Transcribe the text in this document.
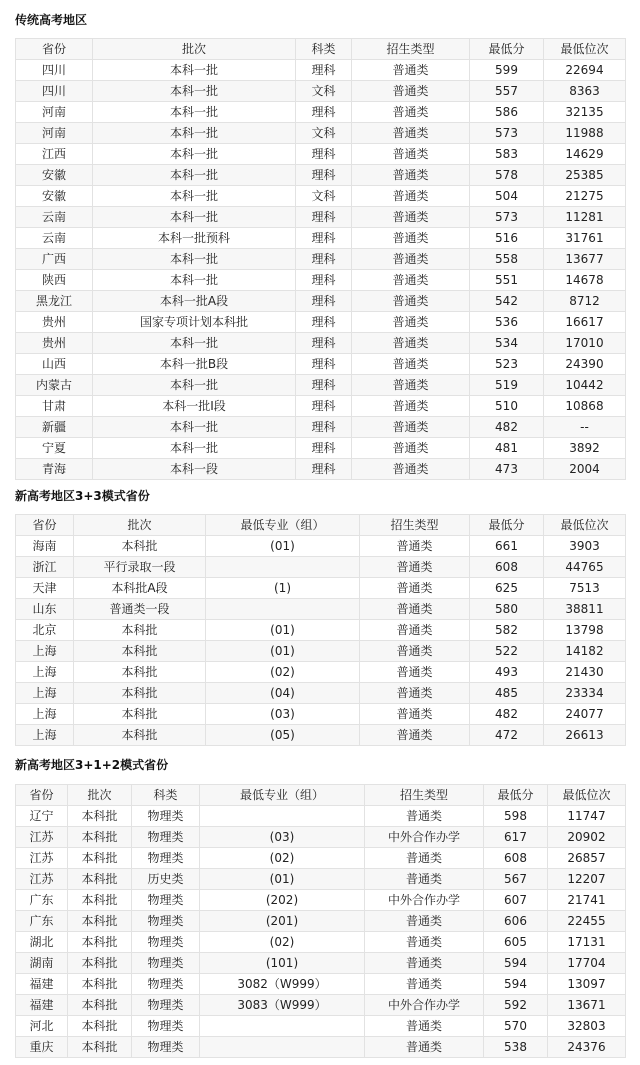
传统高考地区
省份	批次	科类	招生类型	最低分	最低位次
四川	本科一批	理科	普通类	599	22694
四川	本科一批	文科	普通类	557	8363
河南	本科一批	理科	普通类	586	32135
河南	本科一批	文科	普通类	573	11988
江西	本科一批	理科	普通类	583	14629
安徽	本科一批	理科	普通类	578	25385
安徽	本科一批	文科	普通类	504	21275
云南	本科一批	理科	普通类	573	11281
云南	本科一批预科	理科	普通类	516	31761
广西	本科一批	理科	普通类	558	13677
陕西	本科一批	理科	普通类	551	14678
黑龙江	本科一批A段	理科	普通类	542	8712
贵州	国家专项计划本科批	理科	普通类	536	16617
贵州	本科一批	理科	普通类	534	17010
山西	本科一批B段	理科	普通类	523	24390
内蒙古	本科一批	理科	普通类	519	10442
甘肃	本科一批I段	理科	普通类	510	10868
新疆	本科一批	理科	普通类	482	--
宁夏	本科一批	理科	普通类	481	3892
青海	本科一段	理科	普通类	473	2004
新高考地区3+3模式省份
省份	批次	最低专业（组）	招生类型	最低分	最低位次
海南	本科批	(01)	普通类	661	3903
浙江	平行录取一段		普通类	608	44765
天津	本科批A段	(1)	普通类	625	7513
山东	普通类一段		普通类	580	38811
北京	本科批	(01)	普通类	582	13798
上海	本科批	(01)	普通类	522	14182
上海	本科批	(02)	普通类	493	21430
上海	本科批	(04)	普通类	485	23334
上海	本科批	(03)	普通类	482	24077
上海	本科批	(05)	普通类	472	26613
新高考地区3+1+2模式省份
省份	批次	科类	最低专业（组）	招生类型	最低分	最低位次
辽宁	本科批	物理类		普通类	598	11747
江苏	本科批	物理类	(03)	中外合作办学	617	20902
江苏	本科批	物理类	(02)	普通类	608	26857
江苏	本科批	历史类	(01)	普通类	567	12207
广东	本科批	物理类	(202)	中外合作办学	607	21741
广东	本科批	物理类	(201)	普通类	606	22455
湖北	本科批	物理类	(02)	普通类	605	17131
湖南	本科批	物理类	(101)	普通类	594	17704
福建	本科批	物理类	3082（W999）	普通类	594	13097
福建	本科批	物理类	3083（W999）	中外合作办学	592	13671
河北	本科批	物理类		普通类	570	32803
重庆	本科批	物理类		普通类	538	24376
